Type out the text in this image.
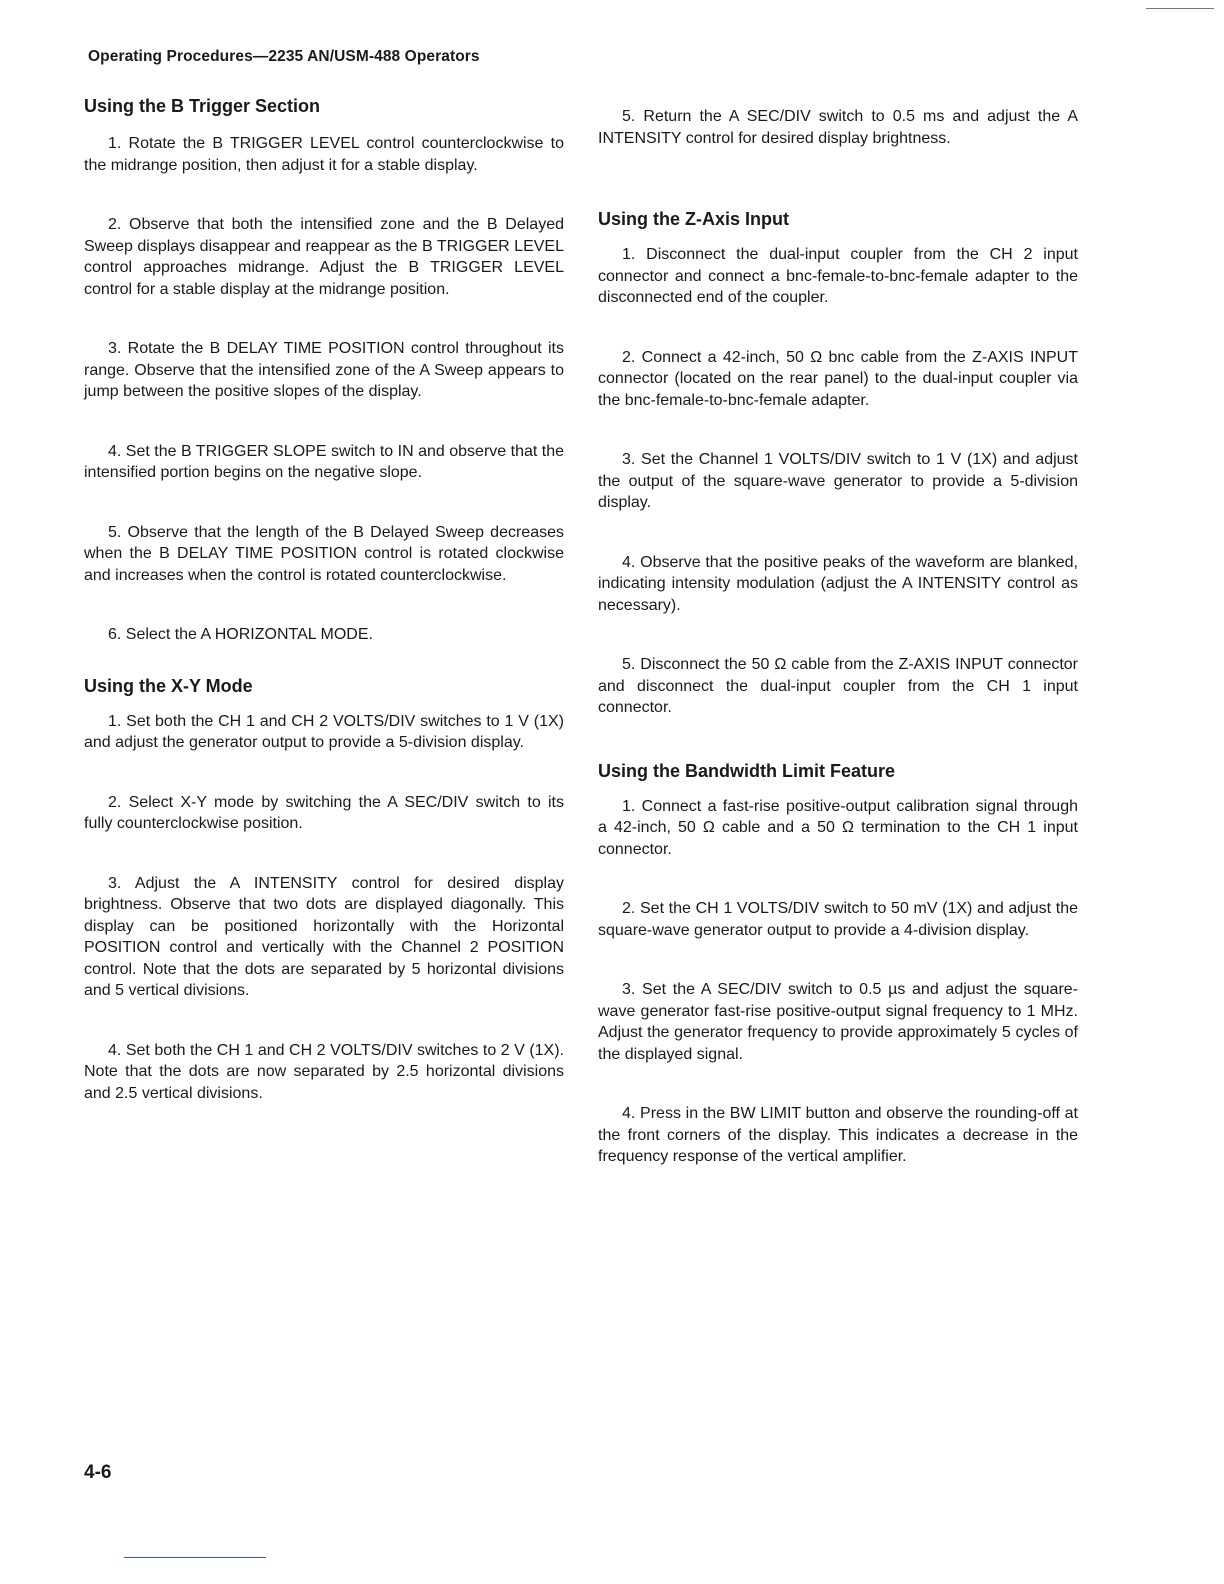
Operating Procedures—2235 AN/USM-488 Operators
Using the B Trigger Section

1. Rotate the B TRIGGER LEVEL control counterclockwise to the midrange position, then adjust it for a stable display.

2. Observe that both the intensified zone and the B Delayed Sweep displays disappear and reappear as the B TRIGGER LEVEL control approaches midrange. Adjust the B TRIGGER LEVEL control for a stable display at the midrange position.

3. Rotate the B DELAY TIME POSITION control throughout its range. Observe that the intensified zone of the A Sweep appears to jump between the positive slopes of the display.

4. Set the B TRIGGER SLOPE switch to IN and observe that the intensified portion begins on the negative slope.

5. Observe that the length of the B Delayed Sweep decreases when the B DELAY TIME POSITION control is rotated clockwise and increases when the control is rotated counterclockwise.

6. Select the A HORIZONTAL MODE.

Using the X-Y Mode

1. Set both the CH 1 and CH 2 VOLTS/DIV switches to 1 V (1X) and adjust the generator output to provide a 5-division display.

2. Select X-Y mode by switching the A SEC/DIV switch to its fully counterclockwise position.

3. Adjust the A INTENSITY control for desired display brightness. Observe that two dots are displayed diagonally. This display can be positioned horizontally with the Horizontal POSITION control and vertically with the Channel 2 POSITION control. Note that the dots are separated by 5 horizontal divisions and 5 vertical divisions.

4. Set both the CH 1 and CH 2 VOLTS/DIV switches to 2 V (1X). Note that the dots are now separated by 2.5 horizontal divisions and 2.5 vertical divisions.

5. Return the A SEC/DIV switch to 0.5 ms and adjust the A INTENSITY control for desired display brightness.

Using the Z-Axis Input

1. Disconnect the dual-input coupler from the CH 2 input connector and connect a bnc-female-to-bnc-female adapter to the disconnected end of the coupler.

2. Connect a 42-inch, 50 Ω bnc cable from the Z-AXIS INPUT connector (located on the rear panel) to the dual-input coupler via the bnc-female-to-bnc-female adapter.

3. Set the Channel 1 VOLTS/DIV switch to 1 V (1X) and adjust the output of the square-wave generator to provide a 5-division display.

4. Observe that the positive peaks of the waveform are blanked, indicating intensity modulation (adjust the A INTENSITY control as necessary).

5. Disconnect the 50 Ω cable from the Z-AXIS INPUT connector and disconnect the dual-input coupler from the CH 1 input connector.

Using the Bandwidth Limit Feature

1. Connect a fast-rise positive-output calibration signal through a 42-inch, 50 Ω cable and a 50 Ω termination to the CH 1 input connector.

2. Set the CH 1 VOLTS/DIV switch to 50 mV (1X) and adjust the square-wave generator output to provide a 4-division display.

3. Set the A SEC/DIV switch to 0.5 µs and adjust the square-wave generator fast-rise positive-output signal frequency to 1 MHz. Adjust the generator frequency to provide approximately 5 cycles of the displayed signal.

4. Press in the BW LIMIT button and observe the rounding-off at the front corners of the display. This indicates a decrease in the frequency response of the vertical amplifier.

4-6
